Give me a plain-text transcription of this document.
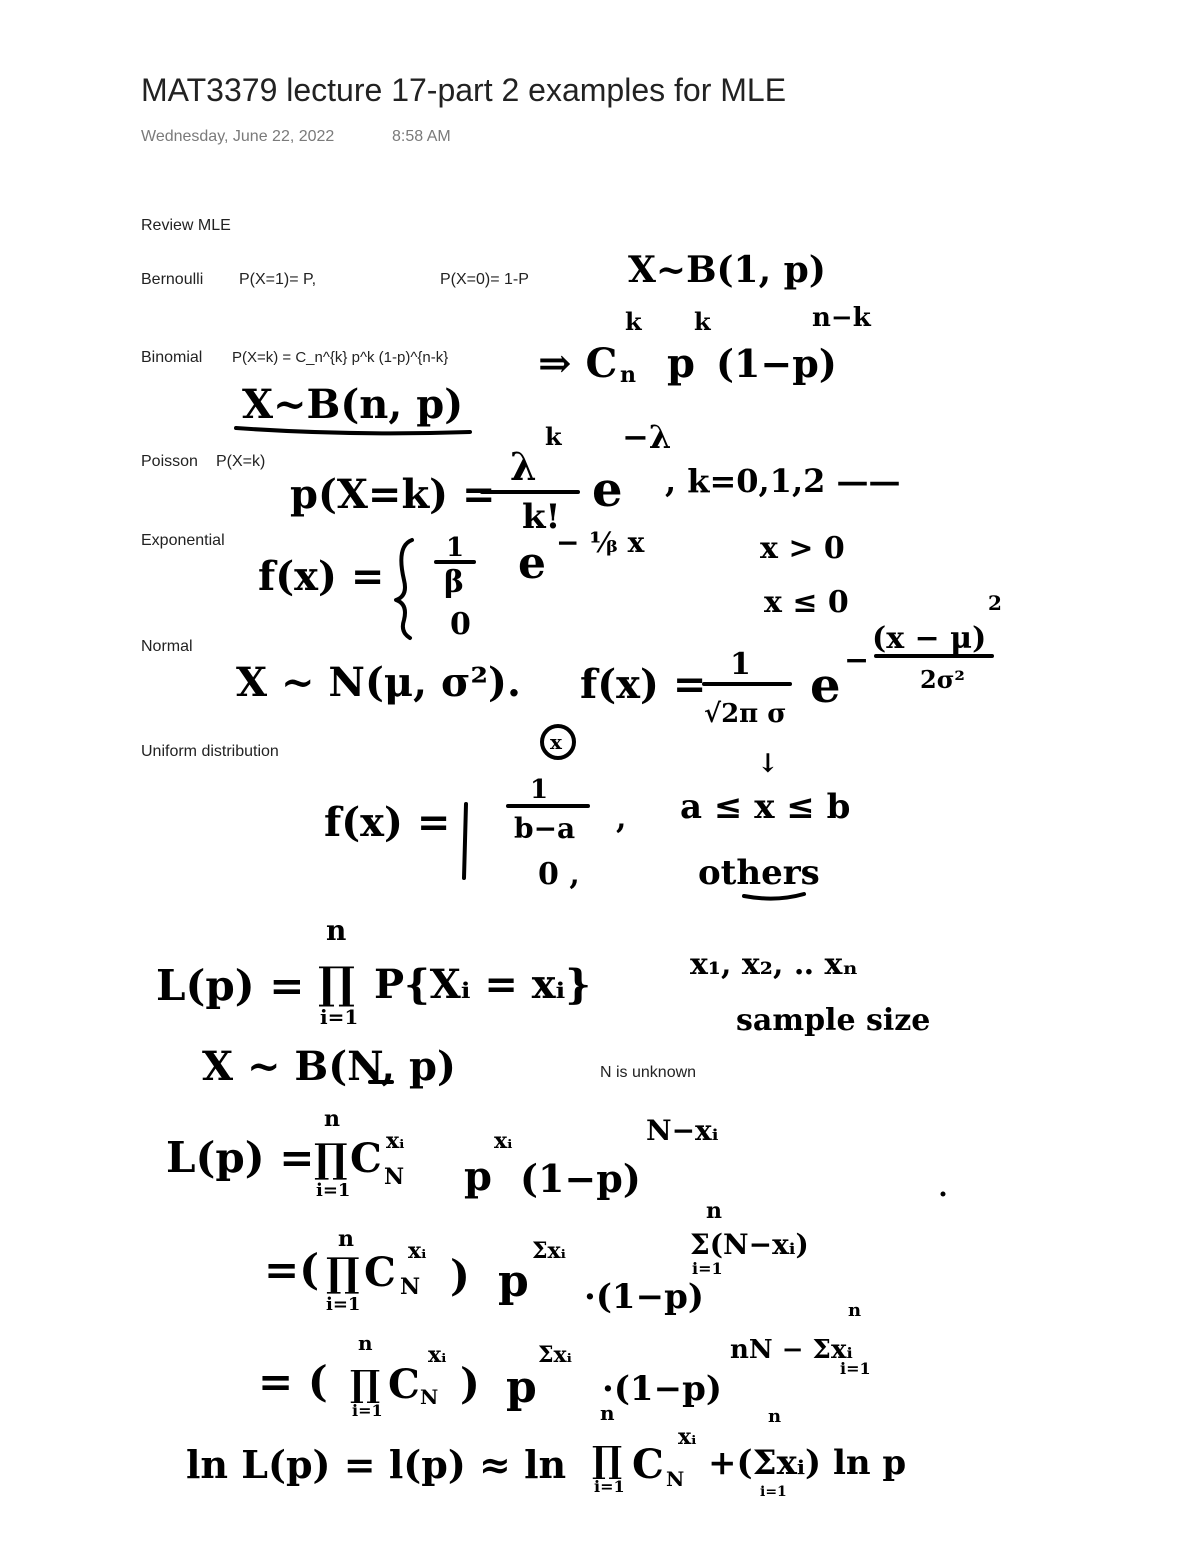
MAT3379 lecture 17-part 2 examples for MLE
Wednesday, June 22, 2022	8:58 AM
Review MLE
Bernoulli P(X=1)= P,	P(X=0)= 1-P
Binomial P(X=k) = C_n^{k} p^k (1-p)^{n-k}
Poisson P(X=k)
Exponential
Normal
Uniform distribution
N is unknown
X~B(1, p)
⇒ C n
k
p
k
(1−p)
n−k
X~B(n, p)
p(X=k) =
λ
k
k! e
−λ
, k=0,1,2 ——
f(x) =
1
β
0
e − ¹⁄ᵦ x	x > 0
x ≤ 0
X ~ N(μ, σ²). f(x) = 1
√2π σ e −
(x − μ)
2
2σ²
x
↓
f(x) =
1
b−a , a ≤ x ≤ b
0 ,	others
L(p) =
n
∏
i=1
P{Xᵢ = xᵢ}	x₁, x₂, ‥ xₙ
sample size
X ~ B(N, p)
L(p) =
n
∏
i=1
C N
xᵢ
p
xᵢ
(1−p)
N−xᵢ
=(
n
∏
i=1
C N
xᵢ ) p
Σxᵢ
·(1−p)
n
Σ(N−xᵢ)
i=1
= (
n
∏
i=1
C N
xᵢ
) p
Σxᵢ
·(1−p)
nN − Σxᵢ
n
i=1
ln L(p) = l(p) ≈ ln
n
∏
i=1 C N
xᵢ
+(Σxᵢ) ln p
n
i=1
